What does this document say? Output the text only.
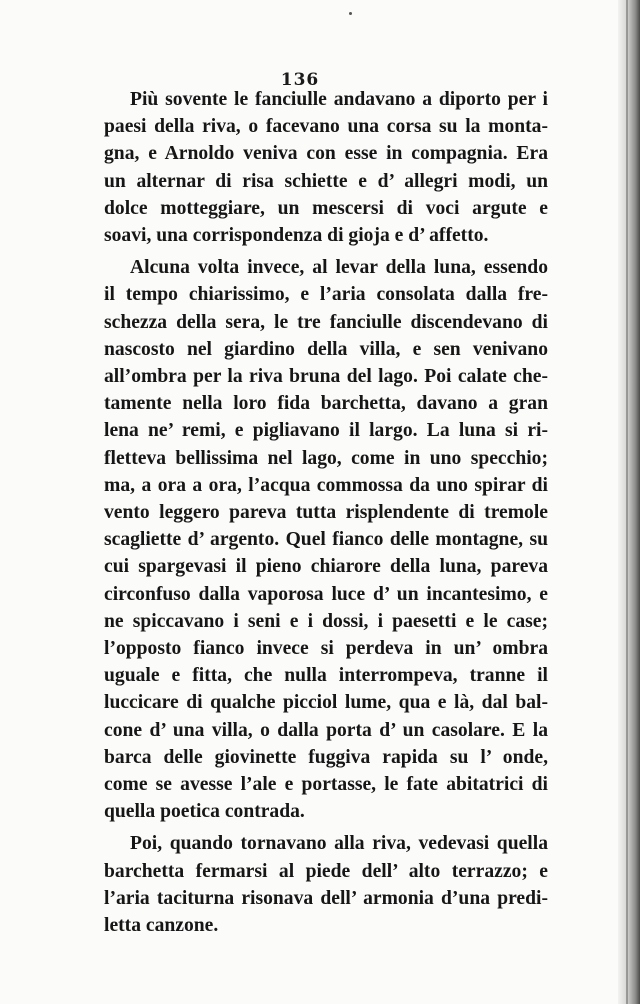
136

Più sovente le fanciulle andavano a diporto per i
paesi della riva, o facevano una corsa su la monta-
gna, e Arnoldo veniva con esse in compagnia. Era
un alternar di risa schiette e d’ allegri modi, un
dolce motteggiare, un mescersi di voci argute e
soavi, una corrispondenza di gioja e d’ affetto.

Alcuna volta invece, al levar della luna, essendo
il tempo chiarissimo, e l’aria consolata dalla fre-
schezza della sera, le tre fanciulle discendevano di
nascosto nel giardino della villa, e sen venivano
all’ombra per la riva bruna del lago. Poi calate che-
tamente nella loro fida barchetta, davano a gran
lena ne’ remi, e pigliavano il largo. La luna si ri-
fletteva bellissima nel lago, come in uno specchio;
ma, a ora a ora, l’acqua commossa da uno spirar di
vento leggero pareva tutta risplendente di tremole
scagliette d’ argento. Quel fianco delle montagne, su
cui spargevasi il pieno chiarore della luna, pareva
circonfuso dalla vaporosa luce d’ un incantesimo, e
ne spiccavano i seni e i dossi, i paesetti e le case;
l’opposto fianco invece si perdeva in un’ ombra
uguale e fitta, che nulla interrompeva, tranne il
luccicare di qualche picciol lume, qua e là, dal bal-
cone d’ una villa, o dalla porta d’ un casolare. E la
barca delle giovinette fuggiva rapida su l’ onde,
come se avesse l’ale e portasse, le fate abitatrici di
quella poetica contrada.

Poi, quando tornavano alla riva, vedevasi quella
barchetta fermarsi al piede dell’ alto terrazzo; e
l’aria taciturna risonava dell’ armonia d’una predi-
letta canzone.
